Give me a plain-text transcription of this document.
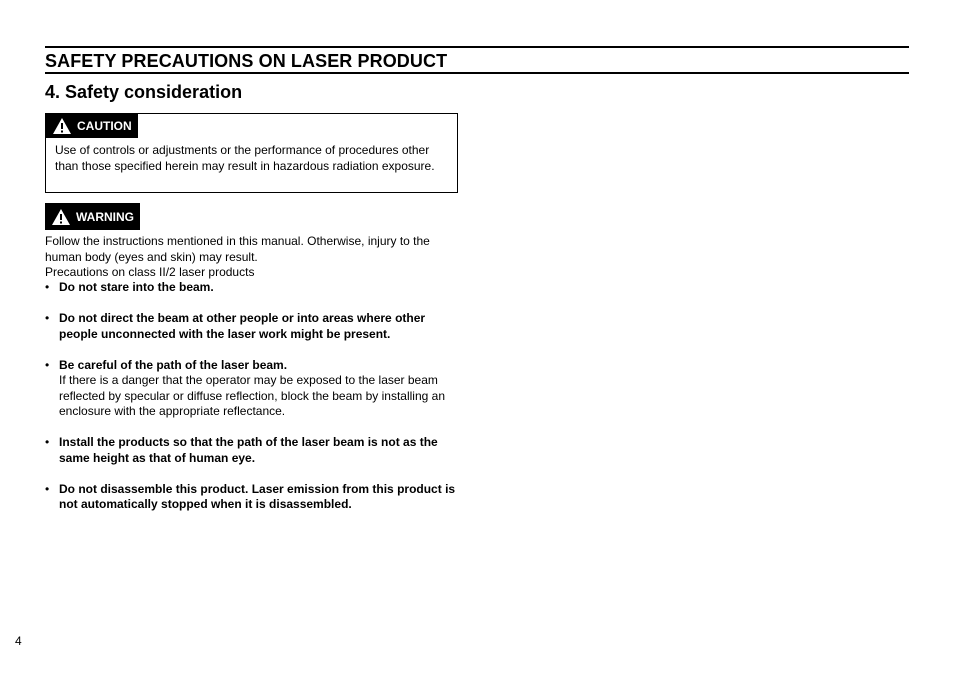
SAFETY PRECAUTIONS ON LASER PRODUCT
4. Safety consideration
CAUTION
Use of controls or adjustments or the performance of procedures other than those specified herein may result in hazardous radiation exposure.
WARNING
Follow the instructions mentioned in this manual. Otherwise, injury to the human body (eyes and skin) may result.
Precautions on class II/2 laser products
• Do not stare into the beam.
• Do not direct the beam at other people or into areas where other people unconnected with the laser work might be present.
• Be careful of the path of the laser beam.
If there is a danger that the operator may be exposed to the laser beam reflected by specular or diffuse reflection, block the beam by installing an enclosure with the appropriate reflectance.
• Install the products so that the path of the laser beam is not as the same height as that of human eye.
• Do not disassemble this product. Laser emission from this product is not automatically stopped when it is disassembled.
4
